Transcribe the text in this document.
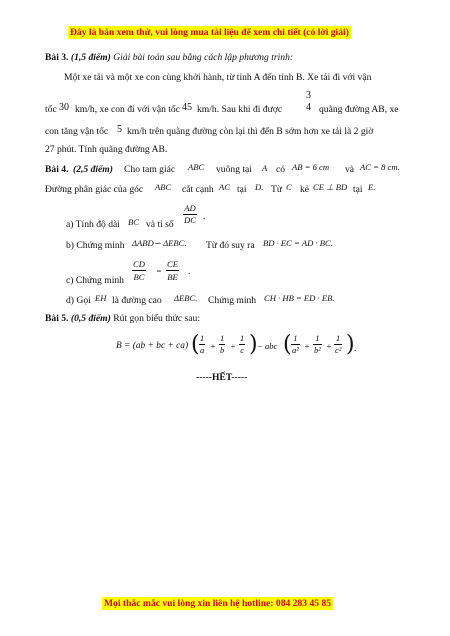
Đây là bản xem thử, vui lòng mua tài liệu để xem chi tiết (có lời giải)
Bài 3. (1,5 điểm) Giải bài toán sau bằng cách lập phương trình:
Một xe tải và một xe con cùng khởi hành, từ tỉnh A đến tỉnh B. Xe tải đi với vận
tốc 30 km/h, xe con đi với vận tốc 45 km/h. Sau khi đi được
3
4 quãng đường AB, xe
con tăng vận tốc 5 km/h trên quãng đường còn lại thì đến B sớm hơn xe tải là 2 giờ
27 phút. Tính quãng đường AB.
Bài 4. (2,5 điểm) Cho tam giác ABC vuông tại A có AB = 6 cm và AC = 8 cm.
Đường phân giác của góc ABC cắt cạnh AC tại D. Từ C kẻ CE ⊥ BD tại E.
a) Tính độ dài BC và tỉ số $\frac{AD}{DC}$ .
b) Chứng minh ΔABD∽ ΔEBC. Từ đó suy ra BD · EC = AD · BC.
c) Chứng minh $\frac{CD}{BC} = \frac{CE}{BE}$ .
d) Gọi EH là đường cao ΔEBC. Chứng minh CH · HB = ED · EB.
Bài 5. (0,5 điểm) Rút gọn biểu thức sau:
B = (ab + bc + ca) ( $\frac{1}{a} + \frac{1}{b} + \frac{1}{c}$ ) − abc ( $\frac{1}{\text{a²}} + \frac{1}{\text{b²}} + \frac{1}{\text{c²}}$ ) .
-----HẾT-----
Mọi thắc mắc vui lòng xin liên hệ hotline: 084 283 45 85
